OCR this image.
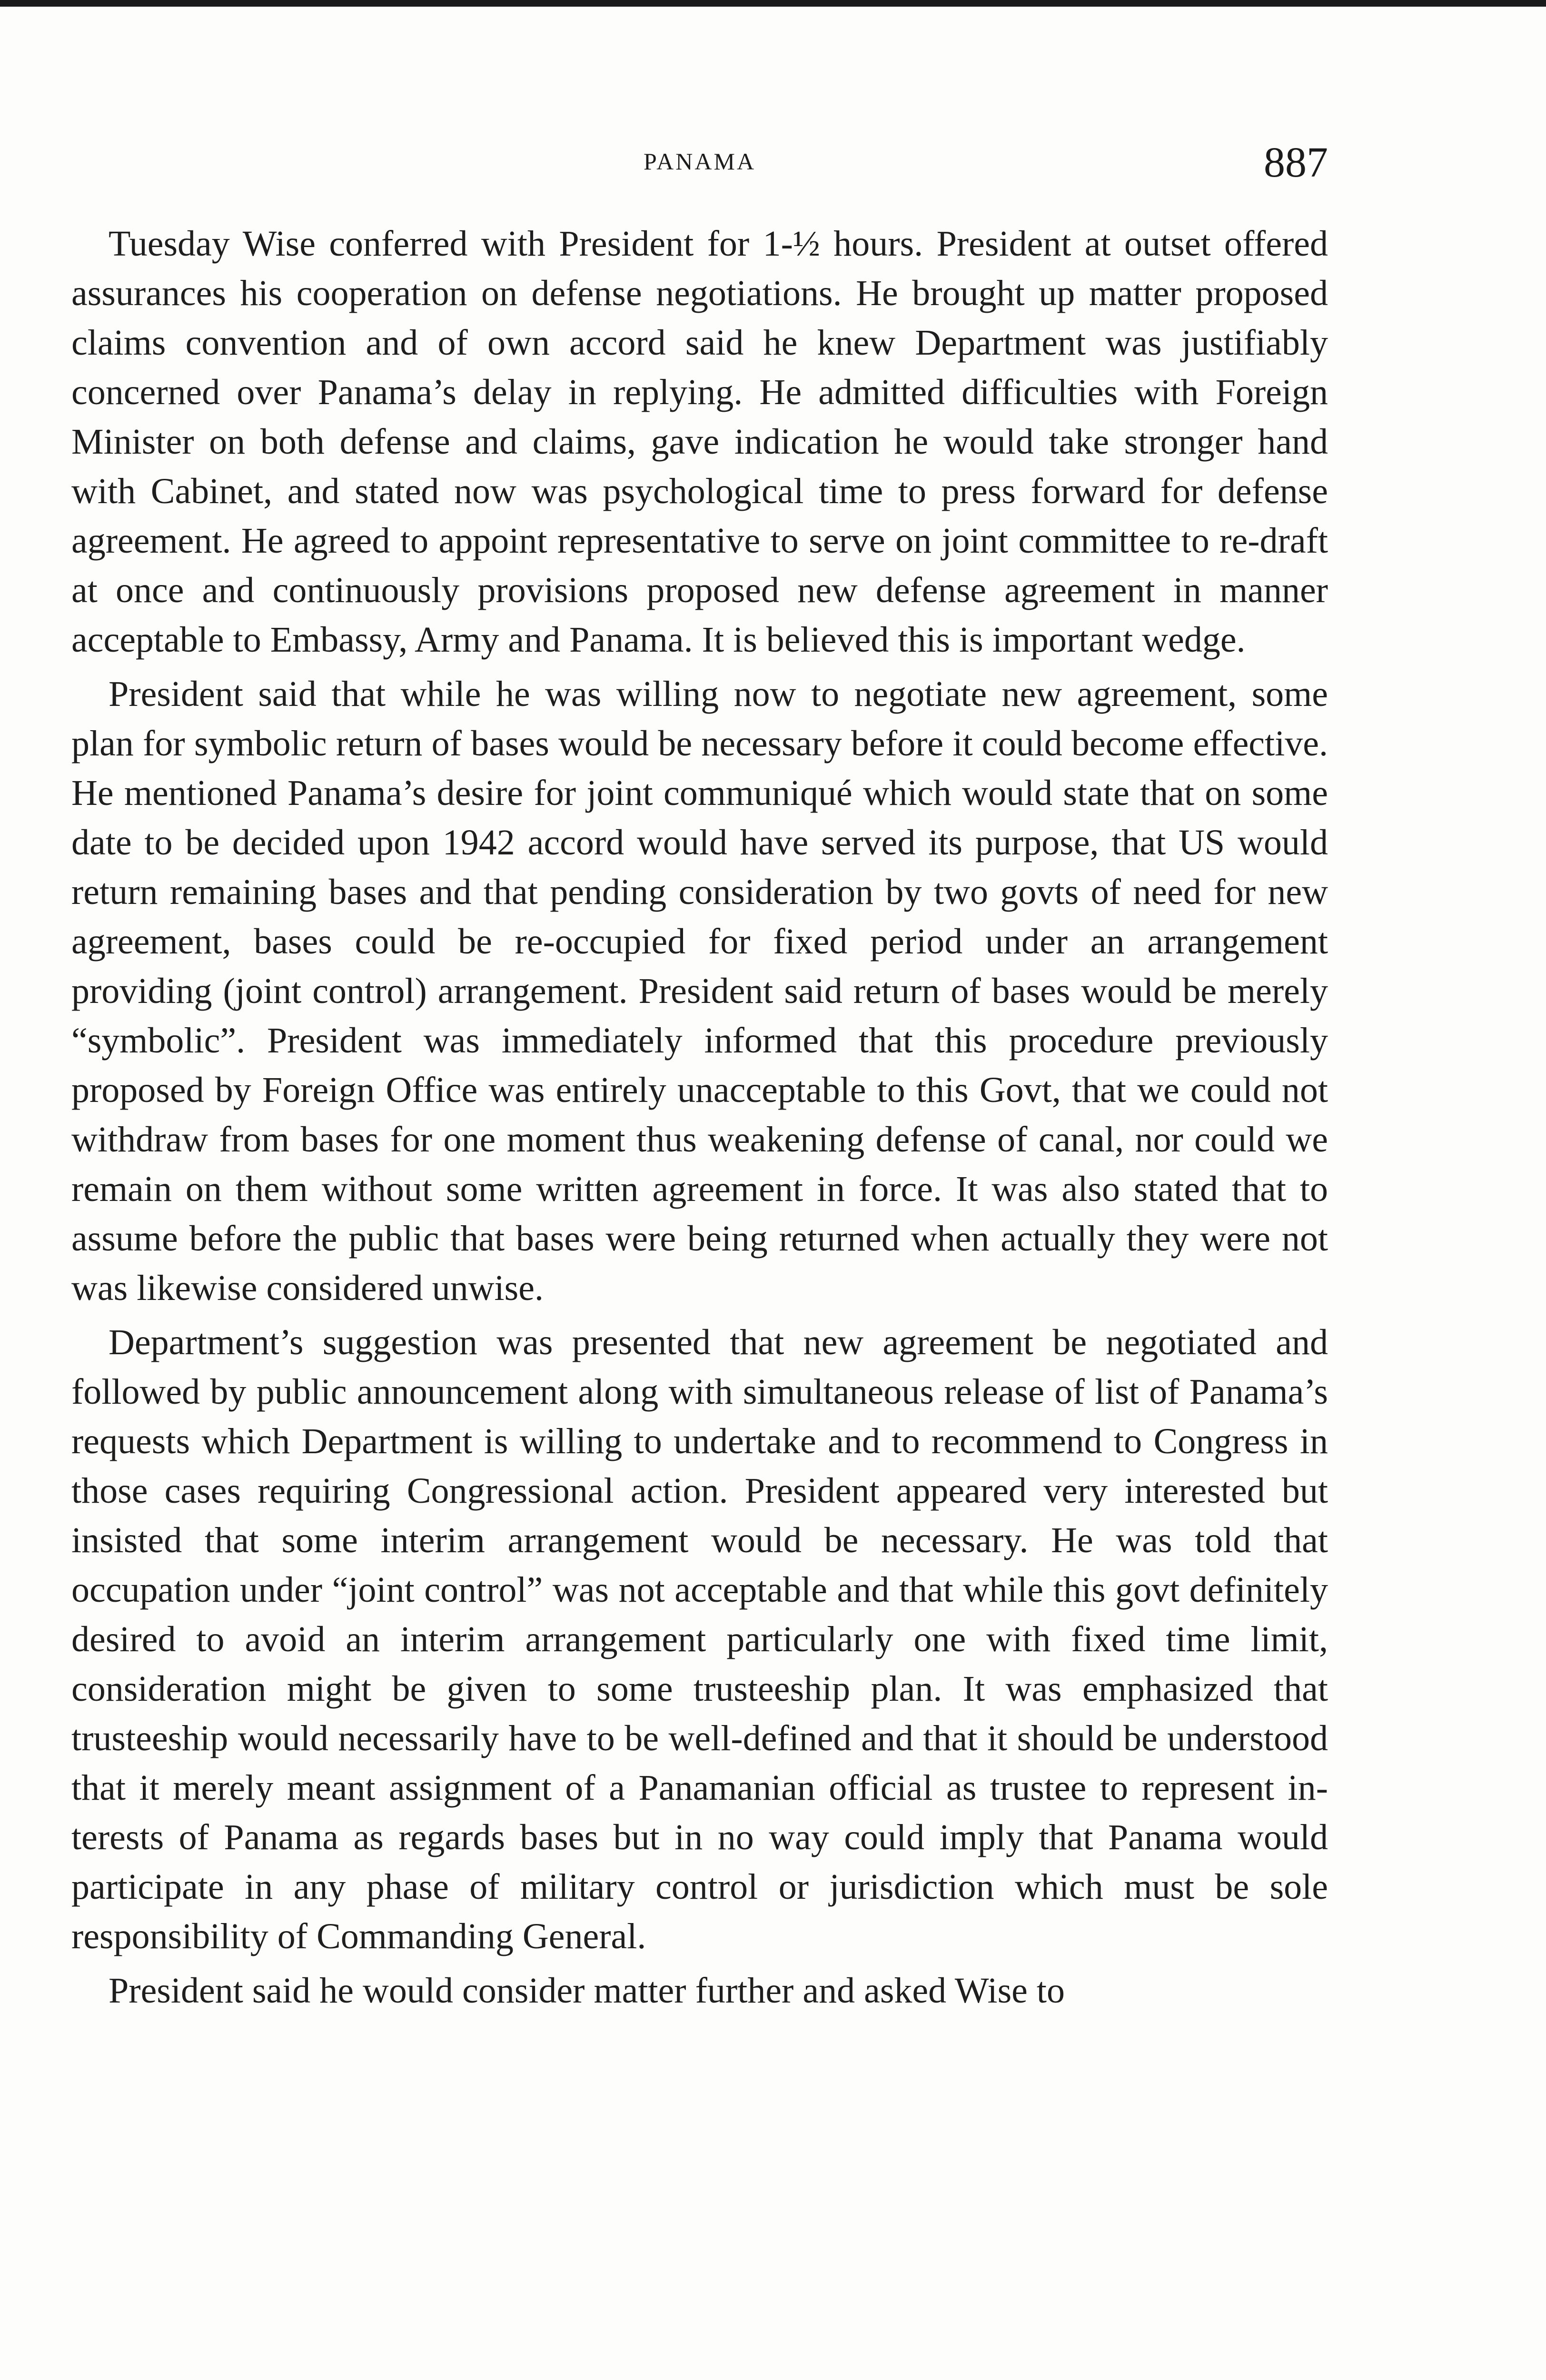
PANAMA	887

Tuesday Wise conferred with President for 1-½ hours. President at outset offered assurances his cooperation on defense negotiations. He brought up matter proposed claims convention and of own accord said he knew Department was justifiably concerned over Panama’s delay in replying. He admitted difficulties with Foreign Minister on both defense and claims, gave indication he would take stronger hand with Cabinet, and stated now was psychological time to press forward for defense agreement. He agreed to appoint representative to serve on joint committee to re-draft at once and continuously provisions proposed new defense agreement in manner acceptable to Embassy, Army and Panama. It is believed this is important wedge.

President said that while he was willing now to negotiate new agreement, some plan for symbolic return of bases would be necessary before it could become effective. He mentioned Panama’s desire for joint communiqué which would state that on some date to be decided upon 1942 accord would have served its purpose, that US would return remaining bases and that pending consideration by two govts of need for new agreement, bases could be re-occupied for fixed period under an arrangement providing (joint control) arrangement. President said return of bases would be merely “symbolic”. President was immediately informed that this procedure previously proposed by Foreign Office was entirely unacceptable to this Govt, that we could not withdraw from bases for one moment thus weakening defense of canal, nor could we remain on them without some written agreement in force. It was also stated that to assume before the public that bases were being returned when actually they were not was likewise considered unwise.

Department’s suggestion was presented that new agreement be negotiated and followed by public announcement along with simultaneous release of list of Panama’s requests which Department is willing to undertake and to recommend to Congress in those cases requiring Congressional action. President appeared very interested but insisted that some interim arrangement would be necessary. He was told that occupation under “joint control” was not acceptable and that while this govt definitely desired to avoid an interim arrangement particularly one with fixed time limit, consideration might be given to some trusteeship plan. It was emphasized that trusteeship would necessarily have to be well-defined and that it should be understood that it merely meant assignment of a Panamanian official as trustee to represent interests of Panama as regards bases but in no way could imply that Panama would participate in any phase of military control or jurisdiction which must be sole responsibility of Commanding General.

President said he would consider matter further and asked Wise to
